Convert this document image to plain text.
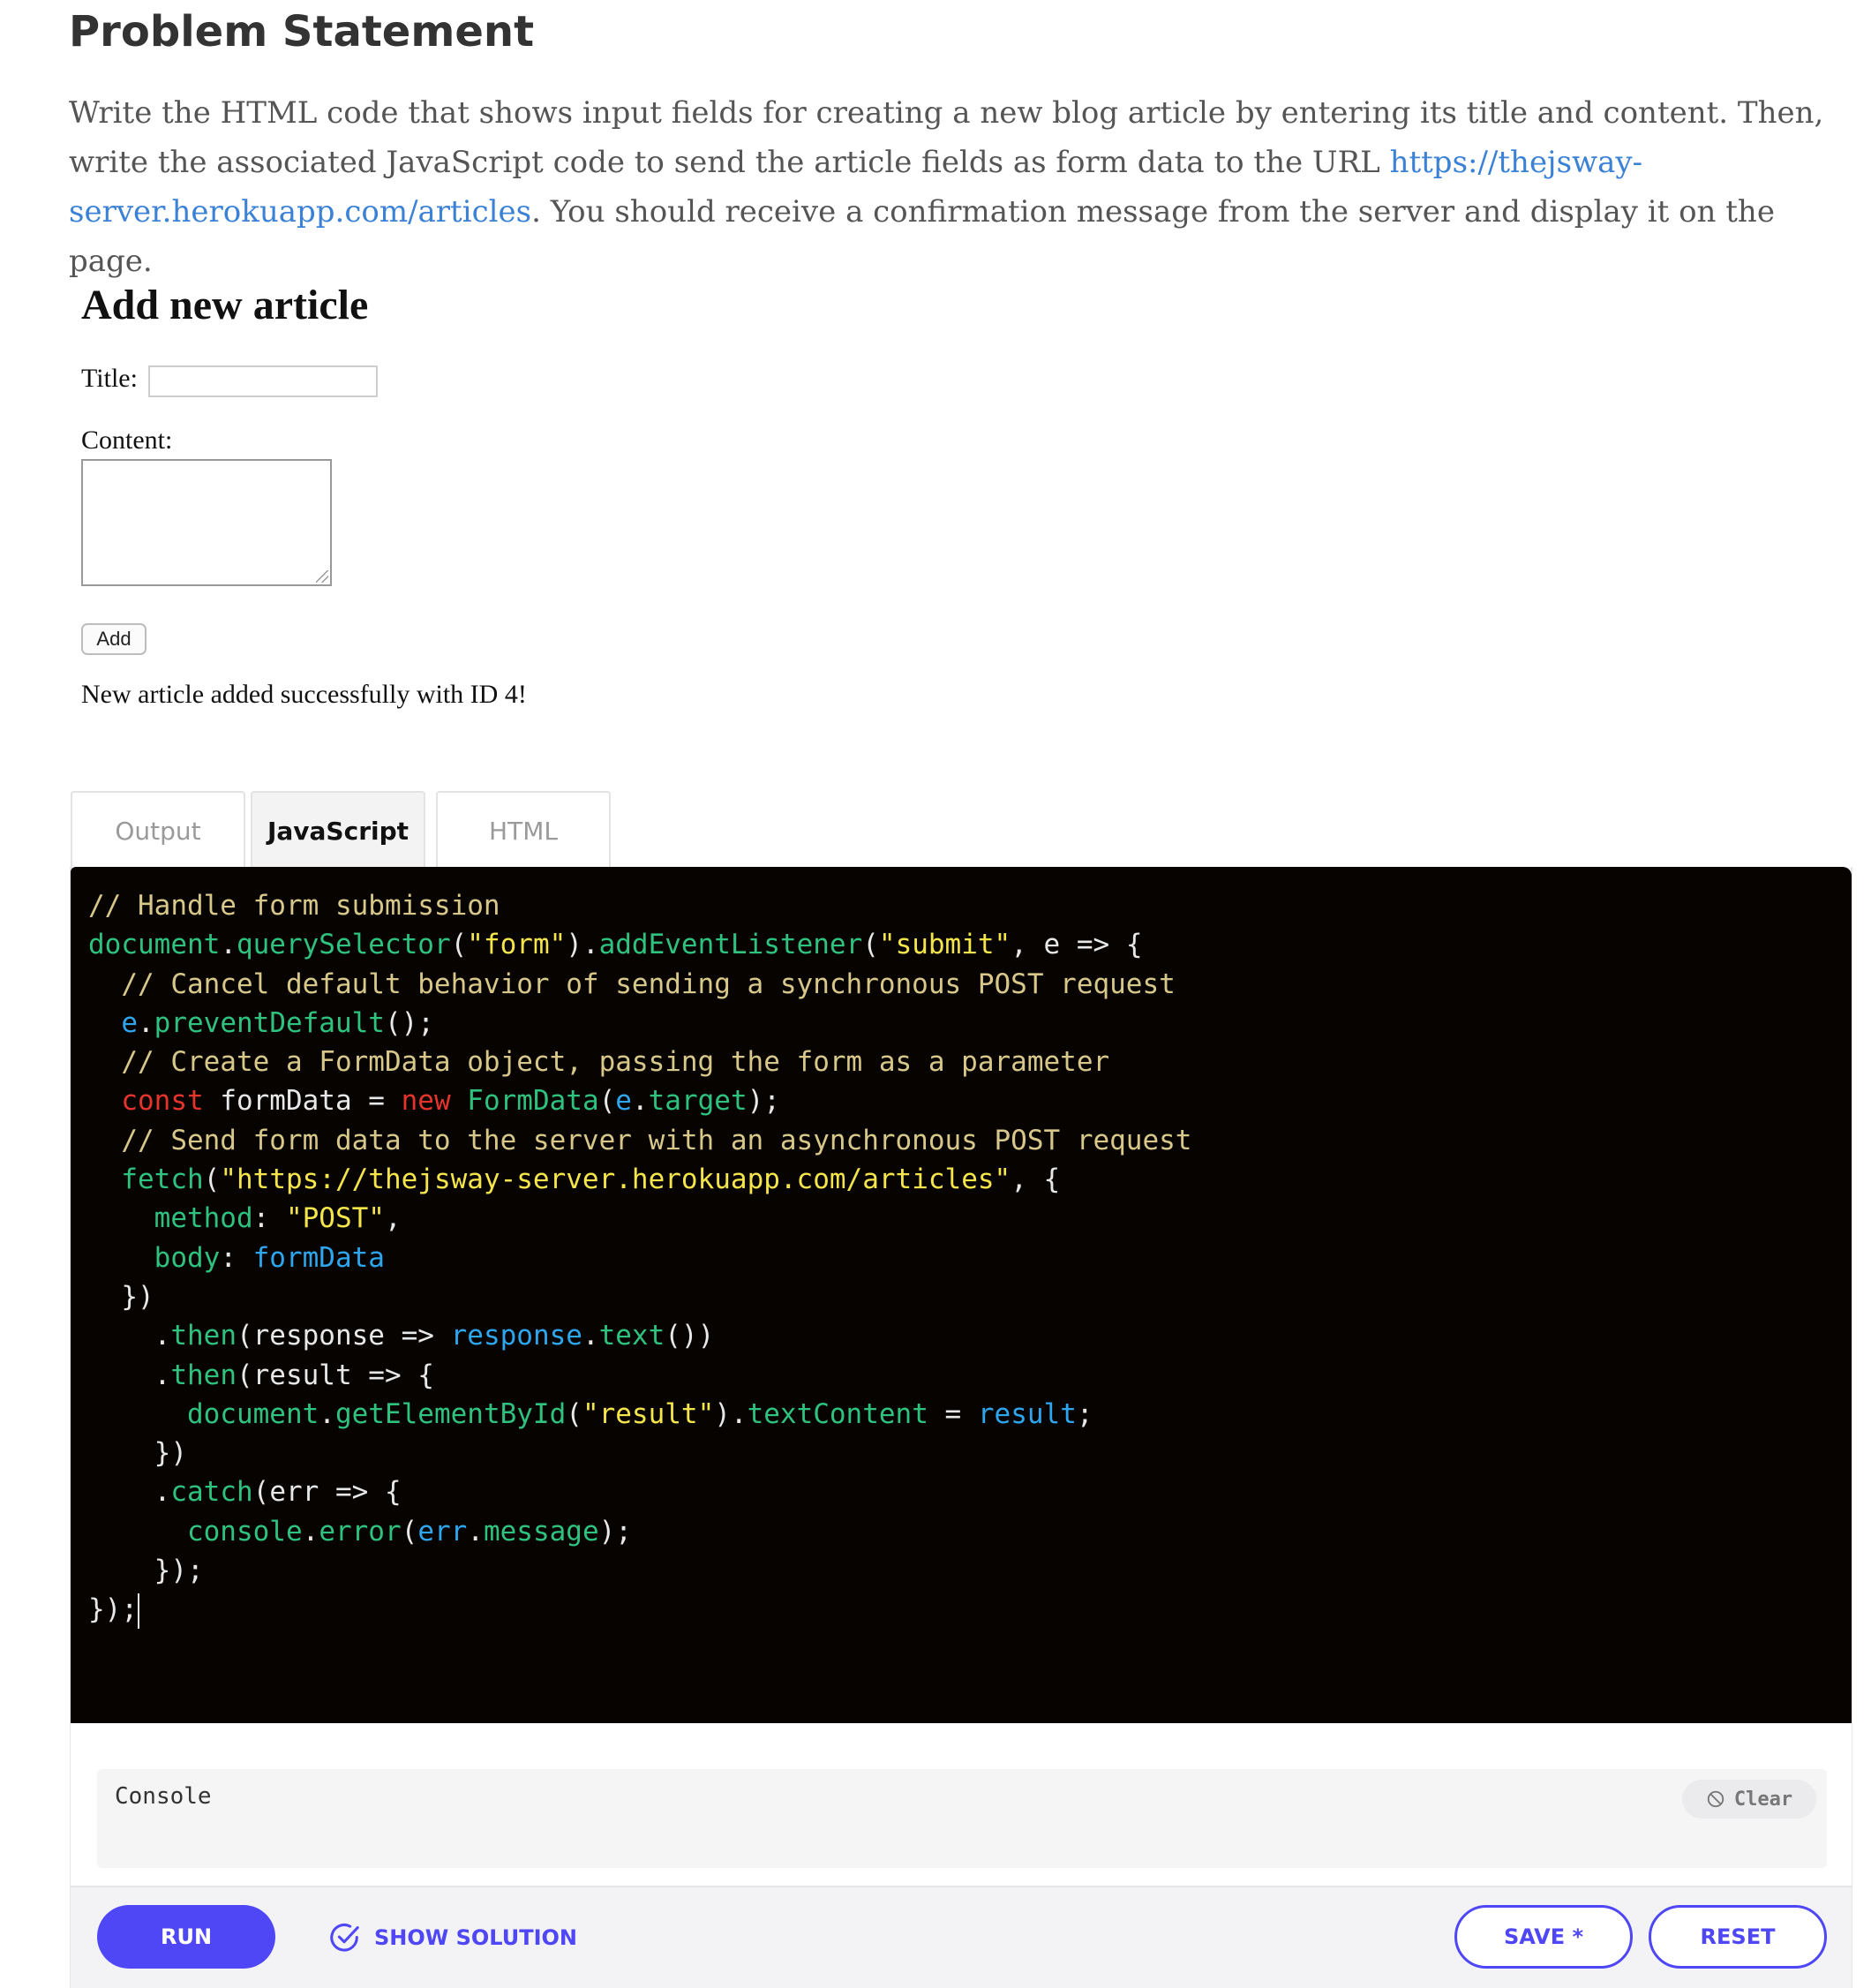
Problem Statement

Write the HTML code that shows input fields for creating a new blog article by entering its title and content. Then, write the associated JavaScript code to send the article fields as form data to the URL https://thejsway-server.herokuapp.com/articles. You should receive a confirmation message from the server and display it on the page.

Add new article
Title:
Content:
Add
New article added successfully with ID 4!
Output	JavaScript	HTML
// Handle form submission
document.querySelector("form").addEventListener("submit", e => {
// Cancel default behavior of sending a synchronous POST request
e.preventDefault();
// Create a FormData object, passing the form as a parameter
const formData = new FormData(e.target);
// Send form data to the server with an asynchronous POST request
fetch("https://thejsway-server.herokuapp.com/articles", {
method: "POST",
body: formData
})
.then(response => response.text())
.then(result => {
document.getElementById("result").textContent = result;
})
.catch(err => {
console.error(err.message);
});
});
Console	Clear
RUN	SHOW SOLUTION	SAVE *	RESET
